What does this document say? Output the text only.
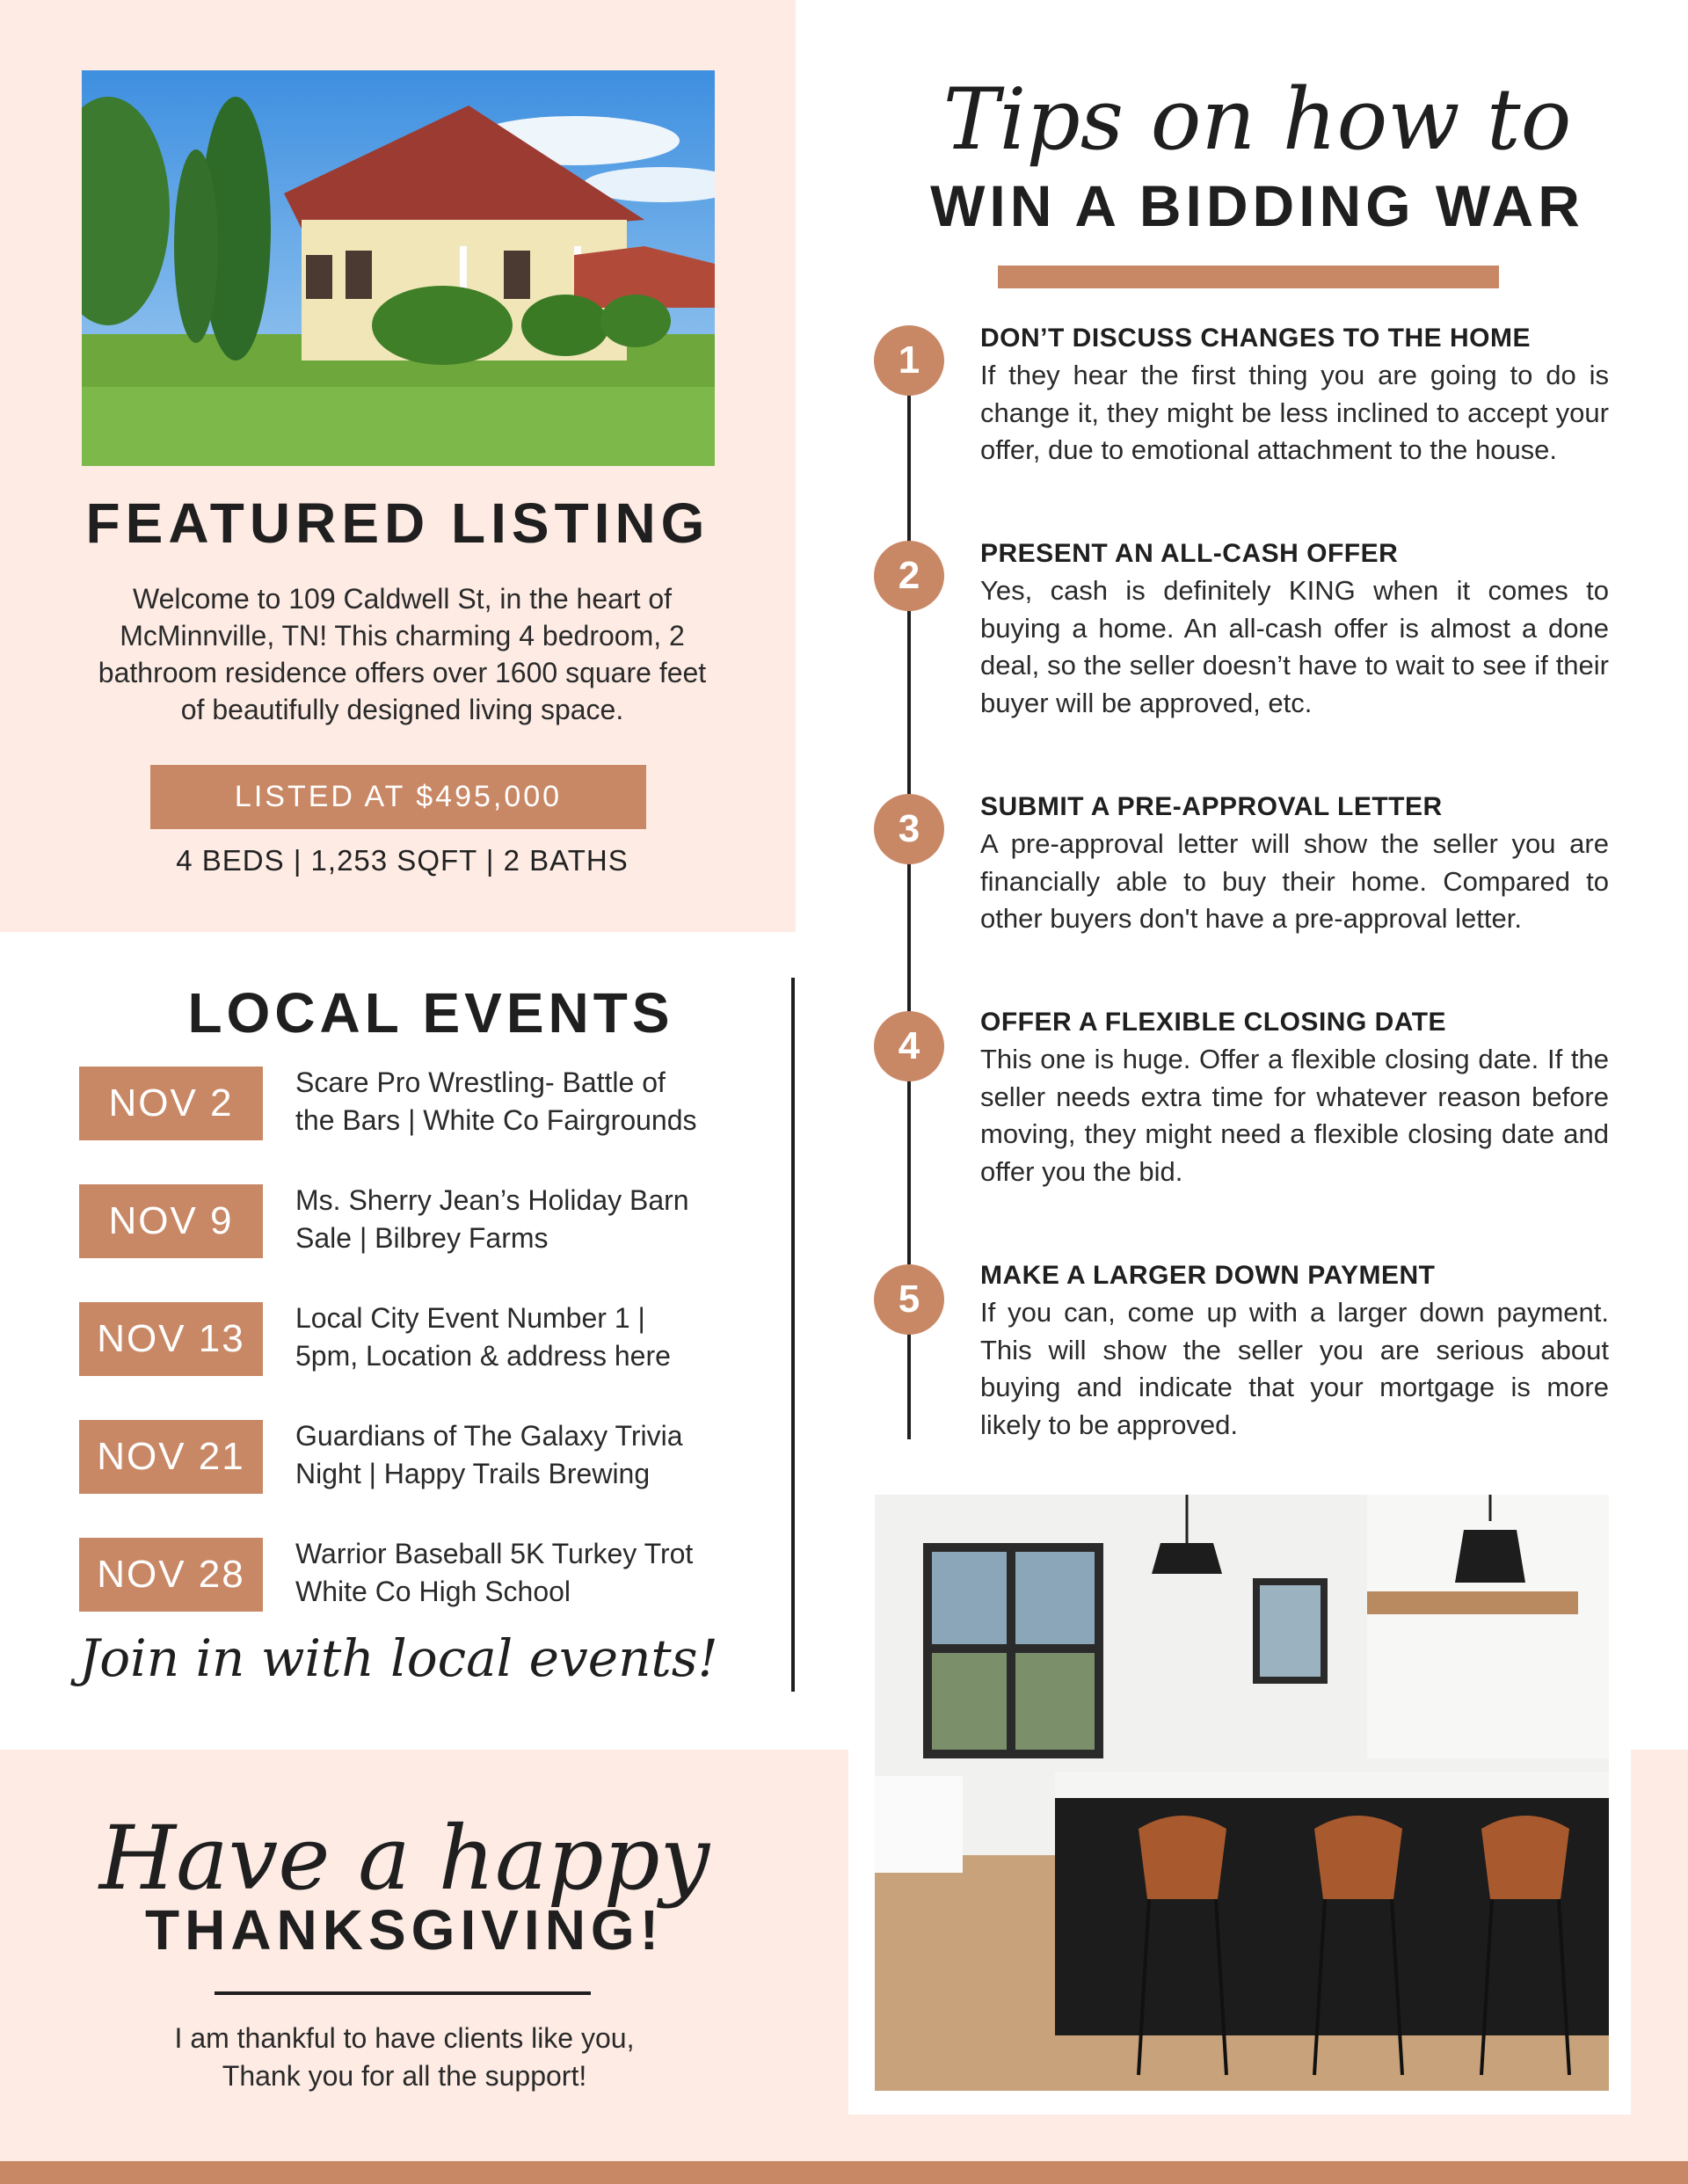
FEATURED LISTING
Welcome to 109 Caldwell St, in the heart of McMinnville, TN! This charming 4 bedroom, 2 bathroom residence offers over 1600 square feet of beautifully designed living space.
LISTED AT $495,000
4 BEDS | 1,253 SQFT | 2 BATHS
LOCAL EVENTS
NOV 2	Scare Pro Wrestling- Battle of
the Bars | White Co Fairgrounds
NOV 9	Ms. Sherry Jean’s Holiday Barn
Sale | Bilbrey Farms
NOV 13	Local City Event Number 1 |
5pm, Location & address here
NOV 21	Guardians of The Galaxy Trivia
Night | Happy Trails Brewing
NOV 28	Warrior Baseball 5K Turkey Trot
White Co High School
Join in with local events!
Have a happy
THANKSGIVING!
I am thankful to have clients like you,
Thank you for all the support!
Tips on how to
WIN A BIDDING WAR
1
DON’T DISCUSS CHANGES TO THE HOME
If they hear the first thing you are going to do is change it, they might be less inclined to accept your offer, due to emotional attachment to the house.
2
PRESENT AN ALL-CASH OFFER
Yes, cash is definitely KING when it comes to buying a home. An all-cash offer is almost a done deal, so the seller doesn’t have to wait to see if their buyer will be approved, etc.
3
SUBMIT A PRE-APPROVAL LETTER
A pre-approval letter will show the seller you are financially able to buy their home. Compared to other buyers don't have a pre-approval letter.
4
OFFER A FLEXIBLE CLOSING DATE
This one is huge. Offer a flexible closing date. If the seller needs extra time for whatever reason before moving, they might need a flexible closing date and offer you the bid.
5
MAKE A LARGER DOWN PAYMENT
If you can, come up with a larger down payment. This will show the seller you are serious about buying and indicate that your mortgage is more likely to be approved.
